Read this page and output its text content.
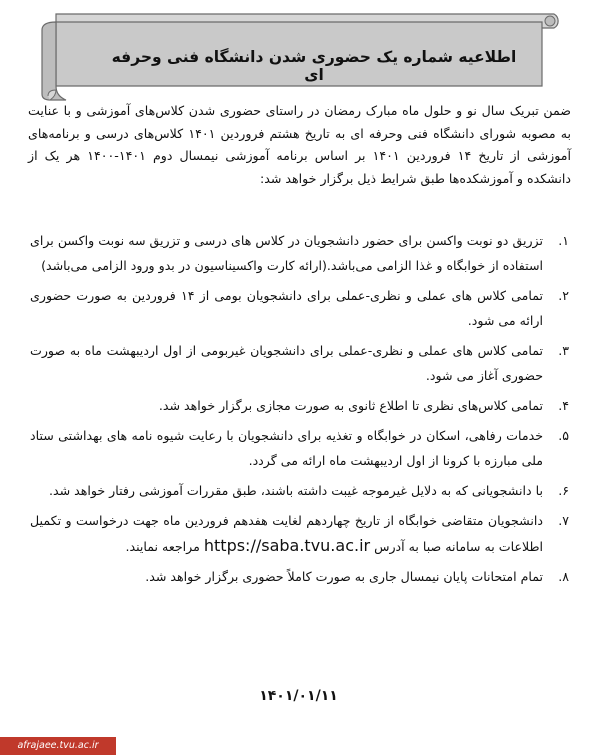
اطلاعیه شماره یک حضوری شدن دانشگاه فنی وحرفه ای
ضمن تبریک سال نو و حلول ماه مبارک رمضان در راستای حضوری شدن کلاس‌های آموزشی و با عنایت به مصوبه شورای دانشگاه فنی وحرفه ای به تاریخ هشتم فروردین ۱۴۰۱ کلاس‌های درسی و برنامه‌های آموزشی از تاریخ ۱۴ فروردین ۱۴۰۱ بر اساس برنامه آموزشی نیمسال دوم ۱۴۰۱-۱۴۰۰ هر یک از دانشکده و آموزشکده‌ها طبق شرایط ذیل برگزار خواهد شد:
۱.
تزریق دو نوبت واکسن برای حضور دانشجویان در کلاس های درسی و تزریق سه نوبت واکسن برای استفاده از خوابگاه و غذا الزامی می‌باشد.(ارائه کارت واکسیناسیون در بدو ورود الزامی می‌باشد)
۲.
تمامی کلاس های عملی و نظری-عملی برای دانشجویان بومی از ۱۴ فروردین به صورت حضوری ارائه می شود.
۳.
تمامی کلاس های عملی و نظری-عملی برای دانشجویان غیربومی از اول اردیبهشت ماه به صورت حضوری آغاز می شود.
۴.
تمامی کلاس‌های نظری تا اطلاع ثانوی به صورت مجازی برگزار خواهد شد.
۵.
خدمات رفاهی، اسکان در خوابگاه و تغذیه برای دانشجویان با رعایت شیوه نامه های بهداشتی ستاد ملی مبارزه با کرونا از اول اردیبهشت ماه ارائه می گردد.
۶.
با دانشجویانی که به دلایل غیرموجه غیبت داشته باشند، طبق مقررات آموزشی رفتار خواهد شد.
۷.
دانشجویان متقاضی خوابگاه از تاریخ چهاردهم لغایت هفدهم فروردین ماه جهت درخواست و تکمیل اطلاعات به سامانه صبا به آدرس https://saba.tvu.ac.ir مراجعه نمایند.
۸.
تمام امتحانات پایان نیمسال جاری به صورت کاملاً حضوری برگزار خواهد شد.
۱۴۰۱/۰۱/۱۱
afrajaee.tvu.ac.ir
